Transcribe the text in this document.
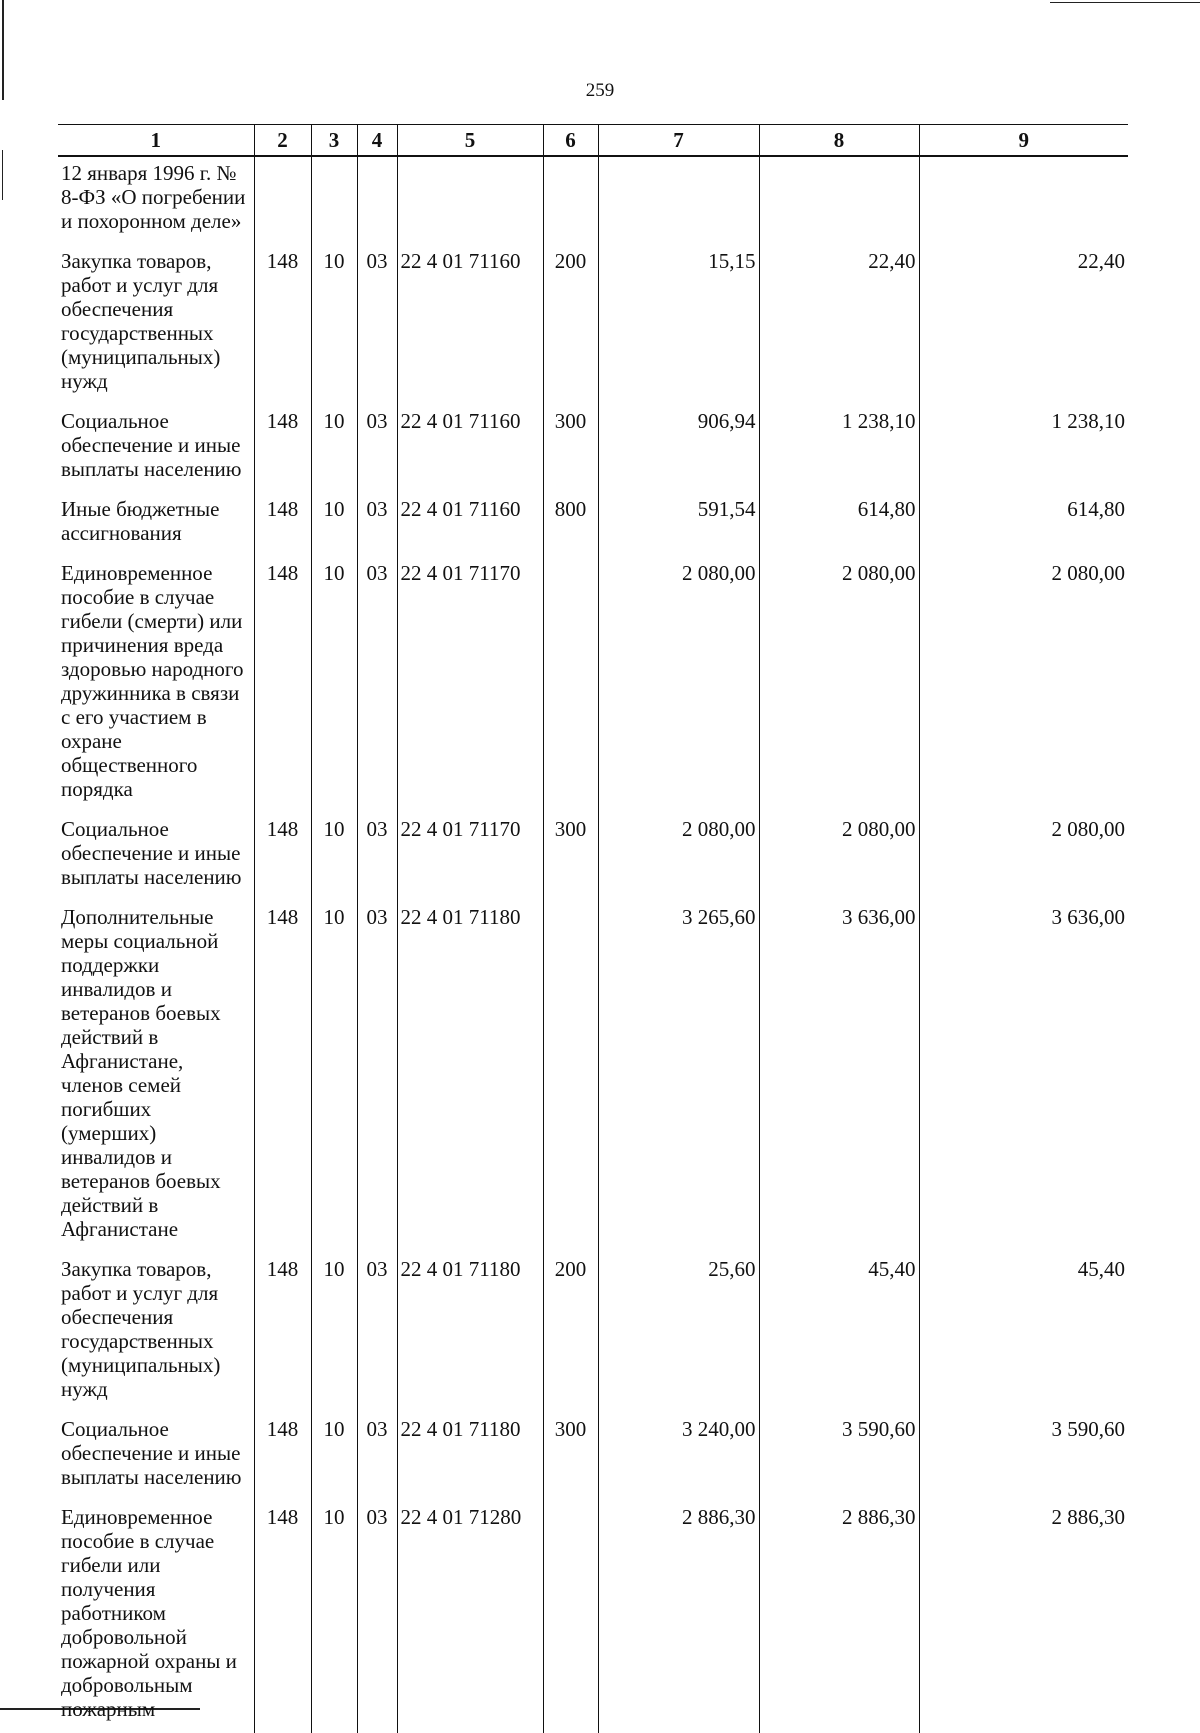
259
1	2	3	4	5	6	7	8	9
12 января 1996 г. № 8-ФЗ «О погребении и похоронном деле»								
Закупка товаров, работ и услуг для обеспечения государственных (муниципальных) нужд	148	10	03	22 4 01 71160	200	15,15	22,40	22,40
Социальное обеспечение и иные выплаты населению	148	10	03	22 4 01 71160	300	906,94	1 238,10	1 238,10
Иные бюджетные ассигнования	148	10	03	22 4 01 71160	800	591,54	614,80	614,80
Единовременное пособие в случае гибели (смерти) или причинения вреда здоровью народного дружинника в связи с его участием в охране общественного порядка	148	10	03	22 4 01 71170		2 080,00	2 080,00	2 080,00
Социальное обеспечение и иные выплаты населению	148	10	03	22 4 01 71170	300	2 080,00	2 080,00	2 080,00
Дополнительные меры социальной поддержки инвалидов и ветеранов боевых действий в Афганистане, членов семей погибших (умерших) инвалидов и ветеранов боевых действий в Афганистане	148	10	03	22 4 01 71180		3 265,60	3 636,00	3 636,00
Закупка товаров, работ и услуг для обеспечения государственных (муниципальных) нужд	148	10	03	22 4 01 71180	200	25,60	45,40	45,40
Социальное обеспечение и иные выплаты населению	148	10	03	22 4 01 71180	300	3 240,00	3 590,60	3 590,60
Единовременное пособие в случае гибели или получения работником добровольной пожарной охраны и добровольным пожарным	148	10	03	22 4 01 71280		2 886,30	2 886,30	2 886,30
